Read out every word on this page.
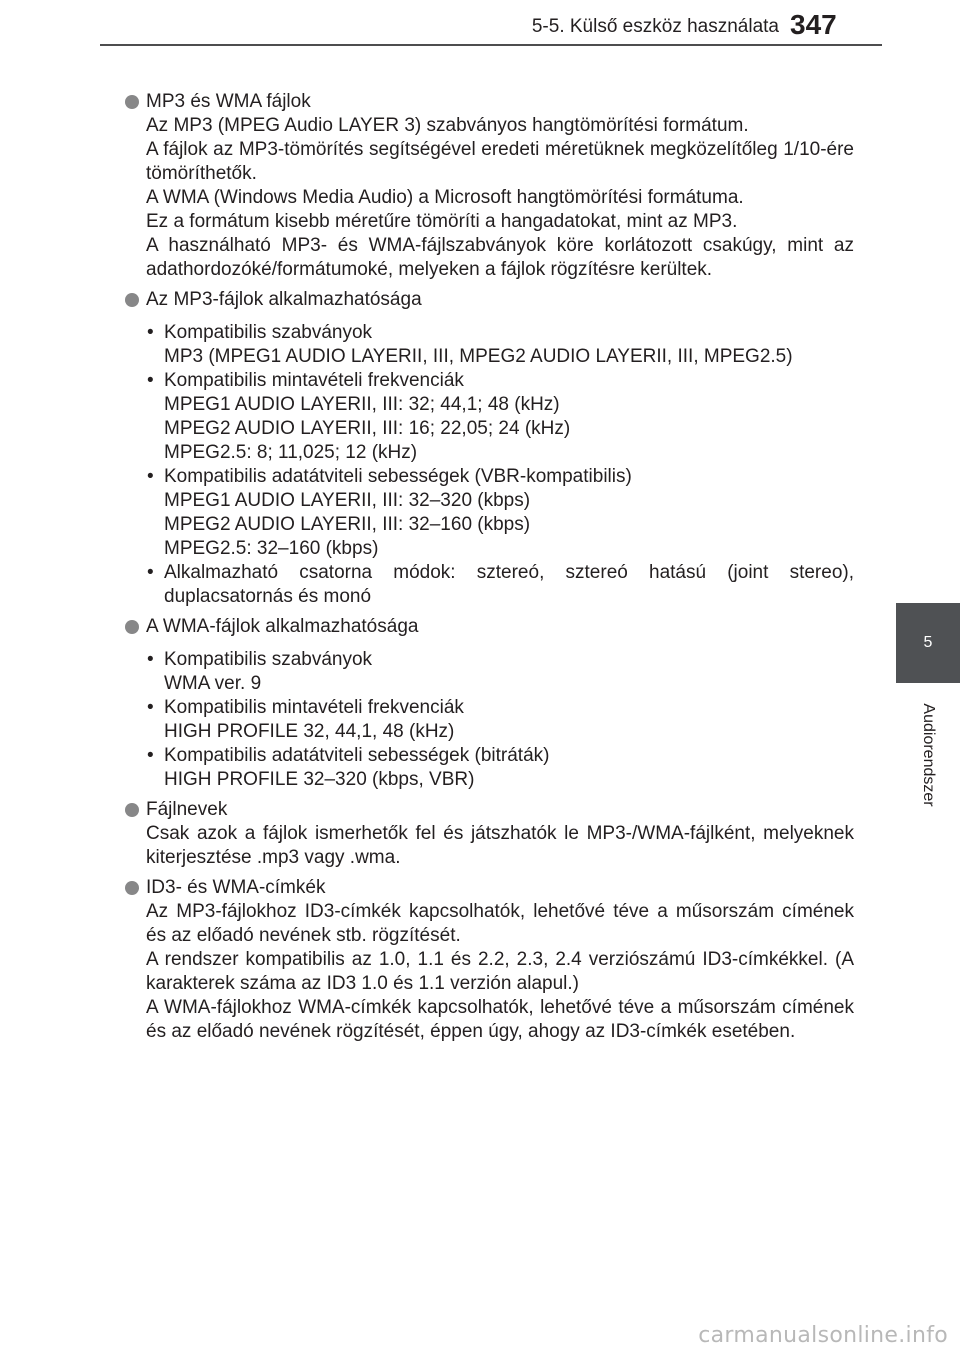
5-5. Külső eszköz használata 347
5
Audiorendszer
MP3 és WMA fájlok

Az MP3 (MPEG Audio LAYER 3) szabványos hangtömörítési formátum.

A fájlok az MP3-tömörítés segítségével eredeti méretüknek megközelítőleg 1/10-ére tömöríthetők.

A WMA (Windows Media Audio) a Microsoft hangtömörítési formátuma.

Ez a formátum kisebb méretűre tömöríti a hangadatokat, mint az MP3.

A használható MP3- és WMA-fájlszabványok köre korlátozott csakúgy, mint az adathordozóké/formátumoké, melyeken a fájlok rögzítésre kerültek.

Az MP3-fájlok alkalmazhatósága
• Kompatibilis szabványok
MP3 (MPEG1 AUDIO LAYERII, III, MPEG2 AUDIO LAYERII, III, MPEG2.5)
• Kompatibilis mintavételi frekvenciák
MPEG1 AUDIO LAYERII, III: 32; 44,1; 48 (kHz)
MPEG2 AUDIO LAYERII, III: 16; 22,05; 24 (kHz)
MPEG2.5: 8; 11,025; 12 (kHz)
• Kompatibilis adatátviteli sebességek (VBR-kompatibilis)
MPEG1 AUDIO LAYERII, III: 32–320 (kbps)
MPEG2 AUDIO LAYERII, III: 32–160 (kbps)
MPEG2.5: 32–160 (kbps)
• Alkalmazható csatorna módok: sztereó, sztereó hatású (joint stereo), duplacsatornás és monó
A WMA-fájlok alkalmazhatósága
• Kompatibilis szabványok
WMA ver. 9
• Kompatibilis mintavételi frekvenciák
HIGH PROFILE 32, 44,1, 48 (kHz)
• Kompatibilis adatátviteli sebességek (bitráták)
HIGH PROFILE 32–320 (kbps, VBR)
Fájlnevek

Csak azok a fájlok ismerhetők fel és játszhatók le MP3-/WMA-fájlként, melyeknek kiterjesztése .mp3 vagy .wma.

ID3- és WMA-címkék

Az MP3-fájlokhoz ID3-címkék kapcsolhatók, lehetővé téve a műsorszám címének és az előadó nevének stb. rögzítését.

A rendszer kompatibilis az 1.0, 1.1 és 2.2, 2.3, 2.4 verziószámú ID3-címkékkel. (A karakterek száma az ID3 1.0 és 1.1 verzión alapul.)

A WMA-fájlokhoz WMA-címkék kapcsolhatók, lehetővé téve a műsorszám címének és az előadó nevének rögzítését, éppen úgy, ahogy az ID3-címkék esetében.

carmanualsonline.info
